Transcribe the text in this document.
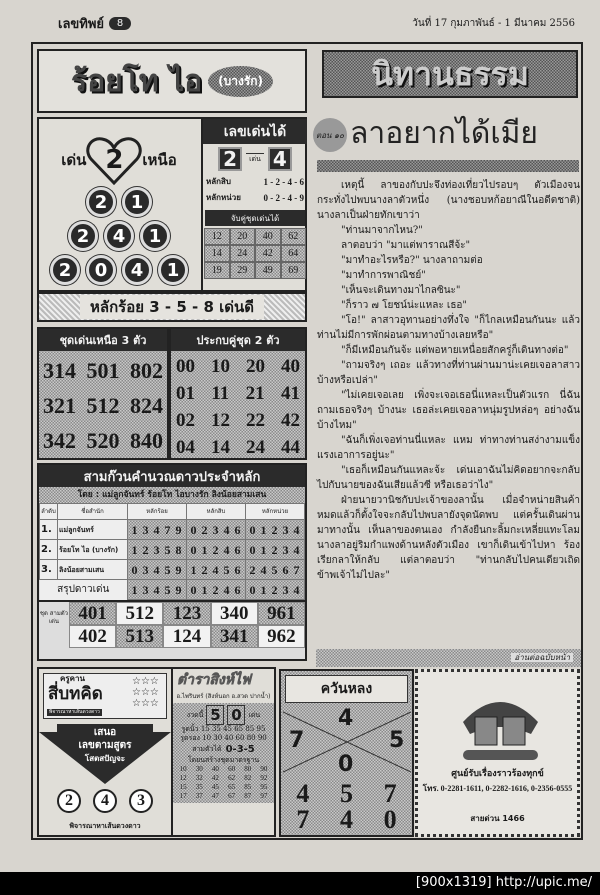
เลขทิพย์	8	วันที่ 17 กุมภาพันธ์ - 1 มีนาคม 2556
ร้อยโท ไอ	(บางรัก)
เด่น 2 เหนือ
2	1
2	4	1
2	0	4	1
เลขเด่นได้
2	เด่น 4
หลักสิบ	1 - 2 - 4 - 6
หลักหน่วย	0 - 2 - 4 - 9
จับคู่ชุดเด่นได้
12	20	40	62
14	24	42	64
19	29	49	69
หลักร้อย 3 - 5 - 8 เด่นดี
ชุดเด่นเหนือ 3 ตัว
314 501 802
321 512 824
342 520 840
ประกบคู่ชุด 2 ตัว
00 10 20 40
01 11 21 41
02 12 22 42
04 14 24 44
สามก๊วนคำนวณดาวประจำหลัก
โดย : แม่ลูกจันทร์ ร้อยโท ไอบางรัก ลิงน้อยสามเสน
ลำดับ	ชื่อสำนัก	หลักร้อย	หลักสิบ	หลักหน่วย
1.	แม่ลูกจันทร์	1 3 4 7 9	0 2 3 4 6	0 1 2 3 4
2.	ร้อยโท ไอ (บางรัก)	1 2 3 5 8	0 1 2 4 6	0 1 2 3 4
3.	ลิงน้อยสามเสน	0 3 4 5 9	1 2 4 5 6	2 4 5 6 7
สรุปดาวเด่น		1 3 4 5 9	0 1 2 4 6	0 1 2 3 4
ชุด สามตัว เด่น	401 512 123 340 961
402 513 124 341 962
ครูคาน
สี่บทคิด
☆☆☆
☆☆☆
☆☆☆
พิจารณาหาเส้นดวงดาว
เสนอ
เลขตามสูตร
โสตสปัญจะ
2	4	3
พิจารณาหาเส้นดวงดาว
ตำราสิงห์ไฟ
อ.ไพรินทร์ (สิงห์นอก อ.สวด ปากน้ำ)
งวดนี้ 5 0 เด่น
รูดนิ้ว 15 35 45 65 85 95
รูดรอง 10 30 40 60 80 90
สามตัวได้ 0-3-5
โดยนสร้างชุดมาตรฐาน
10	30	40	60	80	90
12	32	42	62	82	92
15	35	45	65	85	95
17	37	47	67	87	97
ควันหลง
4
7	5
0
4 5 7
7 4 0
ศูนย์รับเรื่องราวร้องทุกข์
โทร. 0-2281-1611, 0-2282-1616, 0-2356-0555
สายด่วน 1466
นิทานธรรม
ตอน ๑๐ ลาอยากได้เมีย

เหตุนี้ ลาของกับปะจึงท่องเที่ยวไปรอบๆ ตัวเมืองจนกระทั่งไปพบนางลาตัวหนึ่ง (นางชอบหก้อยาณีในอดีตชาติ) นางลาเป็นฝ่ายทักเขาว่า

"ท่านมาจากไหน?"

ลาตอบว่า "มาแต่พาราณสีจ้ะ"

"มาทำอะไรหรือ?" นางลาถามต่อ

"มาทำการพาณิชย์"

"เห็นจะเดินทางมาไกลซินะ"

"ก็ราว ๗ โยชน์น่ะแหละ เธอ"

"โอ!" ลาสาวอุทานอย่างทึ่งใจ "ก็ไกลเหมือนกันนะ แล้วท่านไม่มีการพักผ่อนตามทางบ้างเลยหรือ"

"ก็มีเหมือนกันจ้ะ แต่พอหายเหนื่อยสักครู่ก็เดินทางต่อ"

"ถามจริงๆ เถอะ แล้วทางที่ท่านผ่านมาน่ะเคยเจอลาสาวบ้างหรือเปล่า"

"ไม่เคยเจอเลย เพิ่งจะเจอเธอนี่แหละเป็นตัวแรก นี่ฉันถามเธอจริงๆ บ้างนะ เธอล่ะเคยเจอลาหนุ่มรูปหล่อๆ อย่างฉันบ้างไหม"

"ฉันก็เพิ่งเจอท่านนี่แหละ แหม ท่าทางท่านสง่างามแข็งแรงเอาการอยู่นะ"

"เธอก็เหมือนกันแหละจ้ะ เด่นเอาฉันไม่คิดอยากจะกลับไปกับนายของฉันเสียแล้วซี หรือเธอว่าไง"

ฝ่ายนายวานิชกับปะเจ้าของลานั้น เมื่อจำหน่ายสินค้าหมดแล้วก็ตั้งใจจะกลับไปพบลายังจุดนัดพบ แต่ครั้นเดินผ่านมาทางนั้น เห็นลาของตนเอง กำลังยืนกะลิ้มกะเหลี่ยแทะโลมนางลาอยู่ริมกำแพงด้านหลังตัวเมือง เขาก็เดินเข้าไปหา ร้องเรียกลาให้กลับ แต่ลาตอบว่า "ท่านกลับไปคนเดียวเถิด ข้าพเจ้าไม่ไปละ"

อ่านต่อฉบับหน้า
[900x1319] http://upic.me/
